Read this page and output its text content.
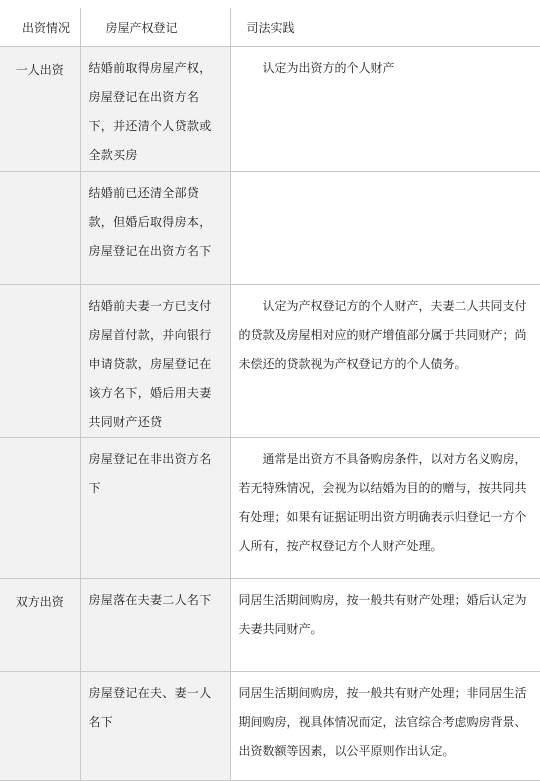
出资情况	房屋产权登记	司法实践
一人出资	结婚前取得房屋产权，房屋登记在出资方名下，并还清个人贷款或全款买房	认定为出资方的个人财产
	结婚前已还清全部贷款，但婚后取得房本，房屋登记在出资方名下	
	结婚前夫妻一方已支付房屋首付款，并向银行申请贷款，房屋登记在该方名下，婚后用夫妻共同财产还贷	认定为产权登记方的个人财产，夫妻二人共同支付的贷款及房屋相对应的财产增值部分属于共同财产；尚未偿还的贷款视为产权登记方的个人债务。
	房屋登记在非出资方名下	通常是出资方不具备购房条件，以对方名义购房，若无特殊情况，会视为以结婚为目的的赠与，按共同共有处理；如果有证据证明出资方明确表示归登记一方个人所有，按产权登记方个人财产处理。
双方出资	房屋落在夫妻二人名下	同居生活期间购房，按一般共有财产处理；婚后认定为夫妻共同财产。
	房屋登记在夫、妻一人名下	同居生活期间购房，按一般共有财产处理；非同居生活期间购房，视具体情况而定，法官综合考虑购房背景、出资数额等因素，以公平原则作出认定。
